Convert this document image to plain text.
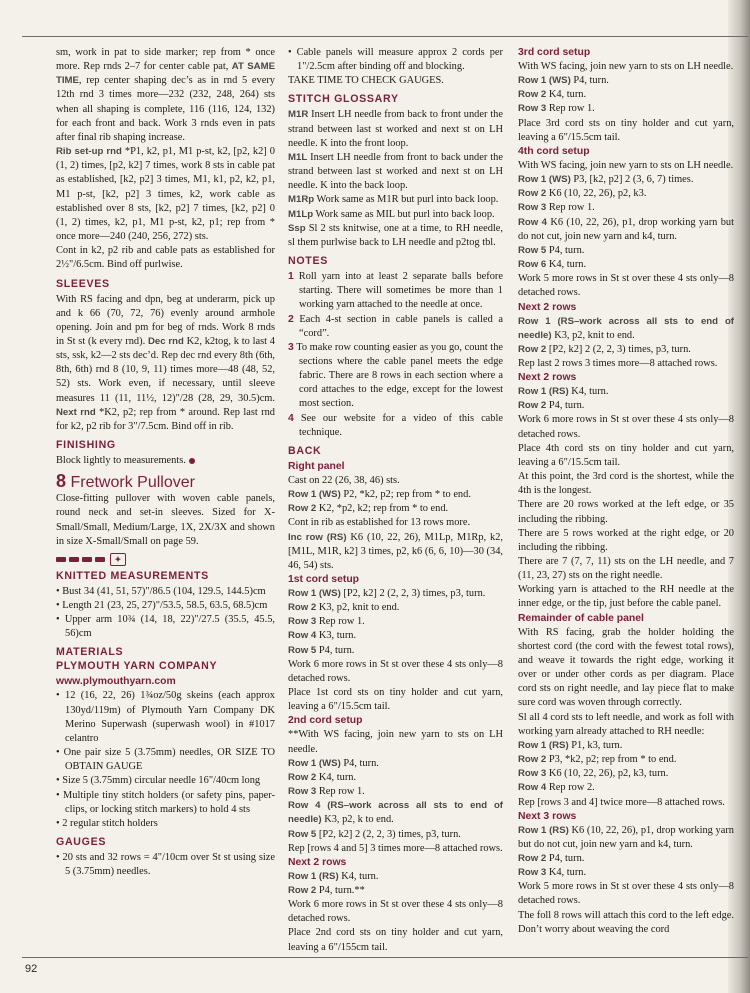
sm, work in pat to side marker; rep from * once more. Rep rnds 2–7 for center cable pat, AT SAME TIME, rep center shaping dec’s as in rnd 5 every 12th rnd 3 times more—232 (232, 248, 264) sts when all shaping is complete, 116 (116, 124, 132) for each front and back. Work 3 rnds even in pats after final rib shaping increase.

Rib set-up rnd *P1, k2, p1, M1 p-st, k2, [p2, k2] 0 (1, 2) times, [p2, k2] 7 times, work 8 sts in cable pat as established, [k2, p2] 3 times, M1, k1, p2, k2, p1, M1 p-st, [k2, p2] 3 times, k2, work cable as established over 8 sts, [k2, p2] 7 times, [k2, p2] 0 (1, 2) times, k2, p1, M1 p-st, k2, p1; rep from * once more—240 (240, 256, 272) sts.

Cont in k2, p2 rib and cable pats as established for 2½"/6.5cm. Bind off purlwise.

SLEEVES

With RS facing and dpn, beg at underarm, pick up and k 66 (70, 72, 76) evenly around armhole opening. Join and pm for beg of rnds. Work 8 rnds in St st (k every rnd). Dec rnd K2, k2tog, k to last 4 sts, ssk, k2—2 sts dec’d. Rep dec rnd every 8th (6th, 8th, 6th) rnd 8 (10, 9, 11) times more—48 (48, 52, 52) sts. Work even, if necessary, until sleeve measures 11 (11, 11½, 12)"/28 (28, 29, 30.5)cm. Next rnd *K2, p2; rep from * around. Rep last rnd for k2, p2 rib for 3"/7.5cm. Bind off in rib.

FINISHING

Block lightly to measurements.

8 Fretwork Pullover

Close-fitting pullover with woven cable panels, round neck and set-in sleeves. Sized for X-Small/Small, Medium/Large, 1X, 2X/3X and shown in size X-Small/Small on page 59.

✦
KNITTED MEASUREMENTS

• Bust 34 (41, 51, 57)"/86.5 (104, 129.5, 144.5)cm

• Length 21 (23, 25, 27)"/53.5, 58.5, 63.5, 68.5)cm

• Upper arm 10¾ (14, 18, 22)"/27.5 (35.5, 45.5, 56)cm

MATERIALS
PLYMOUTH YARN COMPANY
www.plymouthyarn.com

• 12 (16, 22, 26) 1¾oz/50g skeins (each approx 130yd/119m) of Plymouth Yarn Company DK Merino Superwash (superwash wool) in #1017 celantro

• One pair size 5 (3.75mm) needles, OR SIZE TO OBTAIN GAUGE

• Size 5 (3.75mm) circular needle 16"/40cm long

• Multiple tiny stitch holders (or safety pins, paper-clips, or locking stitch markers) to hold 4 sts

• 2 regular stitch holders

GAUGES

• 20 sts and 32 rows = 4"/10cm over St st using size 5 (3.75mm) needles.

• Cable panels will measure approx 2 cords per 1"/2.5cm after binding off and blocking.

TAKE TIME TO CHECK GAUGES.

STITCH GLOSSARY

M1R Insert LH needle from back to front under the strand between last st worked and next st on LH needle. K into the front loop.

M1L Insert LH needle from front to back under the strand between last st worked and next st on LH needle. K into the back loop.

M1Rp Work same as M1R but purl into back loop.

M1Lp Work same as MIL but purl into back loop.

Ssp Sl 2 sts knitwise, one at a time, to RH needle, sl them purlwise back to LH needle and p2tog tbl.

NOTES

1 Roll yarn into at least 2 separate balls before starting. There will sometimes be more than 1 working yarn attached to the needle at once.

2 Each 4-st section in cable panels is called a “cord”.

3 To make row counting easier as you go, count the sections where the cable panel meets the edge fabric. There are 8 rows in each section where a cord attaches to the edge, except for the lowest most section.

4 See our website for a video of this cable technique.

BACK
Right panel

Cast on 22 (26, 38, 46) sts.

Row 1 (WS) P2, *k2, p2; rep from * to end.

Row 2 K2, *p2, k2; rep from * to end.

Cont in rib as established for 13 rows more.

Inc row (RS) K6 (10, 22, 26), M1Lp, M1Rp, k2, [M1L, M1R, k2] 3 times, p2, k6 (6, 6, 10)—30 (34, 46, 54) sts.

1st cord setup

Row 1 (WS) [P2, k2] 2 (2, 2, 3) times, p3, turn.

Row 2 K3, p2, knit to end.

Row 3 Rep row 1.

Row 4 K3, turn.

Row 5 P4, turn.

Work 6 more rows in St st over these 4 sts only—8 detached rows.

Place 1st cord sts on tiny holder and cut yarn, leaving a 6"/15.5cm tail.

2nd cord setup

**With WS facing, join new yarn to sts on LH needle.

Row 1 (WS) P4, turn.

Row 2 K4, turn.

Row 3 Rep row 1.

Row 4 (RS–work across all sts to end of needle) K3, p2, k to end.

Row 5 [P2, k2] 2 (2, 2, 3) times, p3, turn.

Rep [rows 4 and 5] 3 times more—8 attached rows.

Next 2 rows

Row 1 (RS) K4, turn.

Row 2 P4, turn.**

Work 6 more rows in St st over these 4 sts only—8 detached rows.

Place 2nd cord sts on tiny holder and cut yarn, leaving a 6"/155cm tail.

3rd cord setup

With WS facing, join new yarn to sts on LH needle.

Row 1 (WS) P4, turn.

Row 2 K4, turn.

Row 3 Rep row 1.

Place 3rd cord sts on tiny holder and cut yarn, leaving a 6"/15.5cm tail.

4th cord setup

With WS facing, join new yarn to sts on LH needle.

Row 1 (WS) P3, [k2, p2] 2 (3, 6, 7) times.

Row 2 K6 (10, 22, 26), p2, k3.

Row 3 Rep row 1.

Row 4 K6 (10, 22, 26), p1, drop working yarn but do not cut, join new yarn and k4, turn.

Row 5 P4, turn.

Row 6 K4, turn.

Work 5 more rows in St st over these 4 sts only—8 detached rows.

Next 2 rows

Row 1 (RS–work across all sts to end of needle) K3, p2, knit to end.

Row 2 [P2, k2] 2 (2, 2, 3) times, p3, turn.

Rep last 2 rows 3 times more—8 attached rows.

Next 2 rows

Row 1 (RS) K4, turn.

Row 2 P4, turn.

Work 6 more rows in St st over these 4 sts only—8 detached rows.

Place 4th cord sts on tiny holder and cut yarn, leaving a 6"/15.5cm tail.

At this point, the 3rd cord is the shortest, while the 4th is the longest.

There are 20 rows worked at the left edge, or 35 including the ribbing.

There are 5 rows worked at the right edge, or 20 including the ribbing.

There are 7 (7, 7, 11) sts on the LH needle, and 7 (11, 23, 27) sts on the right needle.

Working yarn is attached to the RH needle at the inner edge, or the tip, just before the cable panel.

Remainder of cable panel

With RS facing, grab the holder holding the shortest cord (the cord with the fewest total rows), and weave it towards the right edge, working it over or under other cords as per diagram. Place cord sts on right needle, and lay piece flat to make sure cord was woven through correctly.

Sl all 4 cord sts to left needle, and work as foll with working yarn already attached to RH needle:

Row 1 (RS) P1, k3, turn.

Row 2 P3, *k2, p2; rep from * to end.

Row 3 K6 (10, 22, 26), p2, k3, turn.

Row 4 Rep row 2.

Rep [rows 3 and 4] twice more—8 attached rows.

Next 3 rows

Row 1 (RS) K6 (10, 22, 26), p1, drop working yarn but do not cut, join new yarn and k4, turn.

Row 2 P4, turn.

Row 3 K4, turn.

Work 5 more rows in St st over these 4 sts only—8 detached rows.

The foll 8 rows will attach this cord to the left edge. Don’t worry about weaving the cord

92
